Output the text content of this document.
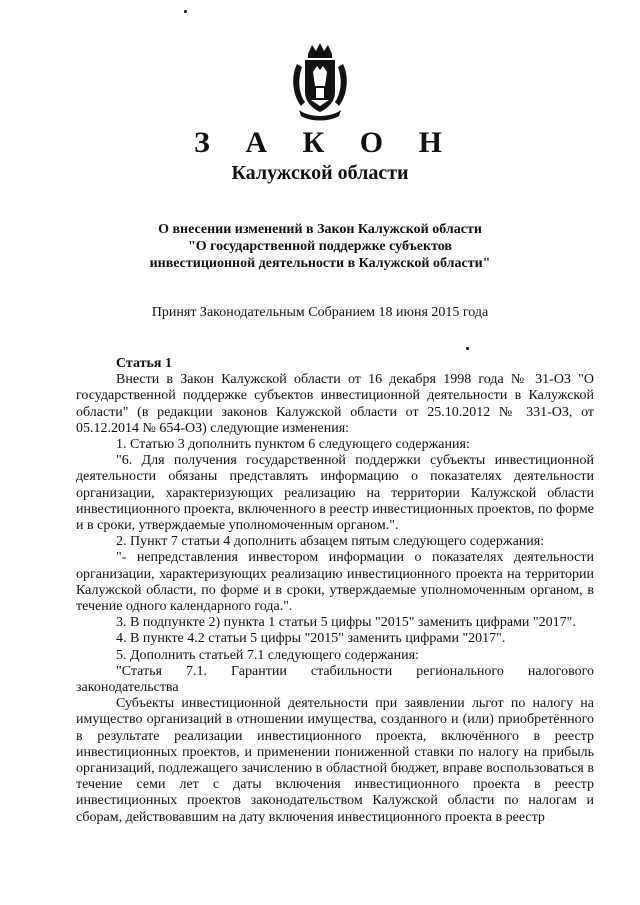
З А К О Н
Калужской области
О внесении изменений в Закон Калужской области
"О государственной поддержке субъектов
инвестиционной деятельности в Калужской области"
Принят Законодательным Собранием 18 июня 2015 года

Статья 1

Внести в Закон Калужской области от 16 декабря 1998 года № 31-ОЗ "О государственной поддержке субъектов инвестиционной деятельности в Калужской области" (в редакции законов Калужской области от 25.10.2012 № 331-ОЗ, от 05.12.2014 № 654-ОЗ) следующие изменения:

1. Статью 3 дополнить пунктом 6 следующего содержания:

"6. Для получения государственной поддержки субъекты инвестиционной деятельности обязаны представлять информацию о показателях деятельности организации, характеризующих реализацию на территории Калужской области инвестиционного проекта, включенного в реестр инвестиционных проектов, по форме и в сроки, утверждаемые уполномоченным органом.".

2. Пункт 7 статьи 4 дополнить абзацем пятым следующего содержания:

"- непредставления инвестором информации о показателях деятельности организации, характеризующих реализацию инвестиционного проекта на территории Калужской области, по форме и в сроки, утверждаемые уполномоченным органом, в течение одного календарного года.".

3. В подпункте 2) пункта 1 статьи 5 цифры "2015" заменить цифрами "2017".

4. В пункте 4.2 статьи 5 цифры "2015" заменить цифрами "2017".

5. Дополнить статьей 7.1 следующего содержания:

"Статья 7.1. Гарантии стабильности регионального налогового законодательства

Субъекты инвестиционной деятельности при заявлении льгот по налогу на имущество организаций в отношении имущества, созданного и (или) приобретённого в результате реализации инвестиционного проекта, включённого в реестр инвестиционных проектов, и применении пониженной ставки по налогу на прибыль организаций, подлежащего зачислению в областной бюджет, вправе воспользоваться в течение семи лет с даты включения инвестиционного проекта в реестр инвестиционных проектов законодательством Калужской области по налогам и сборам, действовавшим на дату включения инвестиционного проекта в реестр
